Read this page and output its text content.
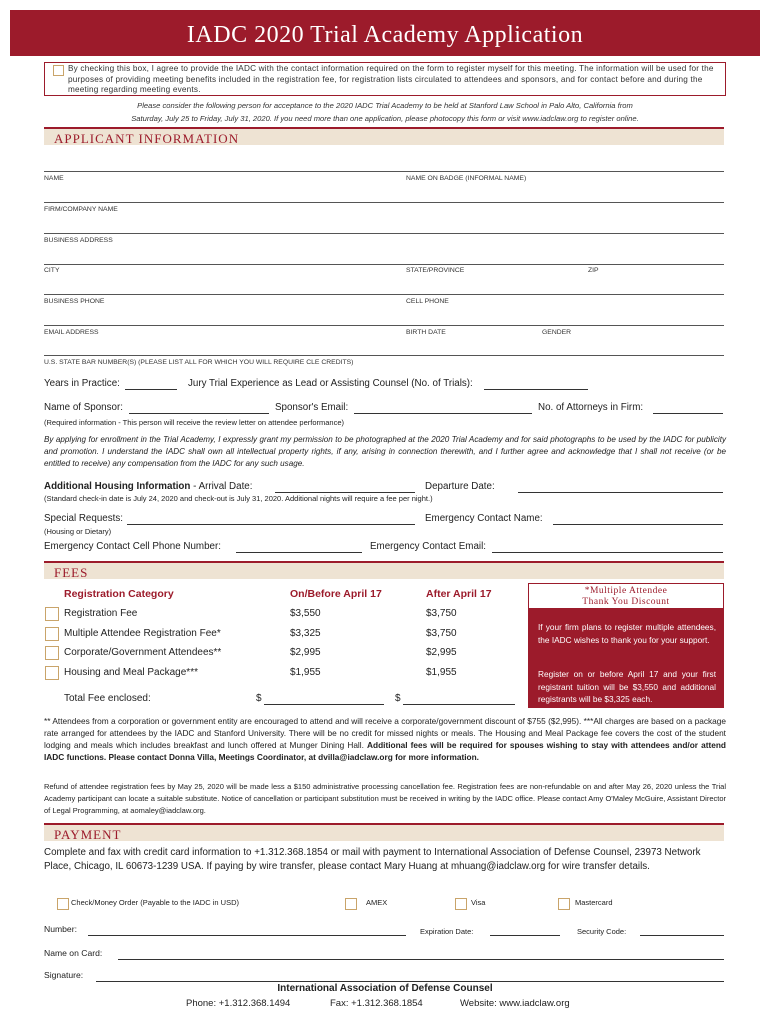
IADC 2020 Trial Academy Application
By checking this box, I agree to provide the IADC with the contact information required on the form to register myself for this meeting. The information will be used for the purposes of providing meeting benefits included in the registration fee, for registration lists circulated to attendees and sponsors, and for contact before and during the meeting regarding meeting events.
Please consider the following person for acceptance to the 2020 IADC Trial Academy to be held at Stanford Law School in Palo Alto, California from
Saturday, July 25 to Friday, July 31, 2020. If you need more than one application, please photocopy this form or visit www.iadclaw.org to register online.
APPLICANT INFORMATION
NAME	NAME ON BADGE (INFORMAL NAME)
FIRM/COMPANY NAME
BUSINESS ADDRESS
CITY	STATE/PROVINCE	ZIP
BUSINESS PHONE	CELL PHONE
EMAIL ADDRESS	BIRTH DATE	GENDER
U.S. STATE BAR NUMBER(S) (PLEASE LIST ALL FOR WHICH YOU WILL REQUIRE CLE CREDITS)
Years in Practice:	Jury Trial Experience as Lead or Assisting Counsel (No. of Trials):
Name of Sponsor:	Sponsor's Email:	No. of Attorneys in Firm:
(Required information - This person will receive the review letter on attendee performance)
By applying for enrollment in the Trial Academy, I expressly grant my permission to be photographed at the 2020 Trial Academy and for said photographs to be used by the IADC for publicity and promotion. I understand the IADC shall own all intellectual property rights, if any, arising in connection therewith, and I further agree and acknowledge that I shall not receive (or be entitled to receive) any compensation from the IADC for any such usage.
Additional Housing Information - Arrival Date:	Departure Date:
(Standard check-in date is July 24, 2020 and check-out is July 31, 2020. Additional nights will require a fee per night.)
Special Requests:	Emergency Contact Name:
(Housing or Dietary)
Emergency Contact Cell Phone Number:	Emergency Contact Email:
FEES
Registration Category	On/Before April 17	After April 17
Registration Fee	$3,550	$3,750
Multiple Attendee Registration Fee*	$3,325	$3,750
Corporate/Government Attendees**	$2,995	$2,995
Housing and Meal Package***	$1,955	$1,955
Total Fee enclosed:	$	$
*Multiple Attendee
Thank You Discount
If your firm plans to register multiple attendees, the IADC wishes to thank you for your support.
Register on or before April 17 and your first registrant tuition will be $3,550 and additional registrants will be $3,325 each.
** Attendees from a corporation or government entity are encouraged to attend and will receive a corporate/government discount of $755 ($2,995). ***All charges are based on a package rate arranged for attendees by the IADC and Stanford University. There will be no credit for missed nights or meals. The Housing and Meal Package fee covers the cost of the student lodging and meals which includes breakfast and lunch offered at Munger Dining Hall. Additional fees will be required for spouses wishing to stay with attendees and/or attend IADC functions. Please contact Donna Villa, Meetings Coordinator, at dvilla@iadclaw.org for more information.
Refund of attendee registration fees by May 25, 2020 will be made less a $150 administrative processing cancellation fee. Registration fees are non-refundable on and after May 26, 2020 unless the Trial Academy participant can locate a suitable substitute. Notice of cancellation or participant substitution must be received in writing by the IADC office. Please contact Amy O'Maley McGuire, Assistant Director of Legal Programming, at aomaley@iadclaw.org.
PAYMENT
Complete and fax with credit card information to +1.312.368.1854 or mail with payment to International Association of Defense Counsel, 23973 Network Place, Chicago, IL 60673-1239 USA. If paying by wire transfer, please contact Mary Huang at mhuang@iadclaw.org for wire transfer details.
Check/Money Order (Payable to the IADC in USD)	AMEX	Visa	Mastercard
Number:	Expiration Date:	Security Code:
Name on Card:
Signature:
International Association of Defense Counsel
Phone: +1.312.368.1494	Fax: +1.312.368.1854	Website: www.iadclaw.org
